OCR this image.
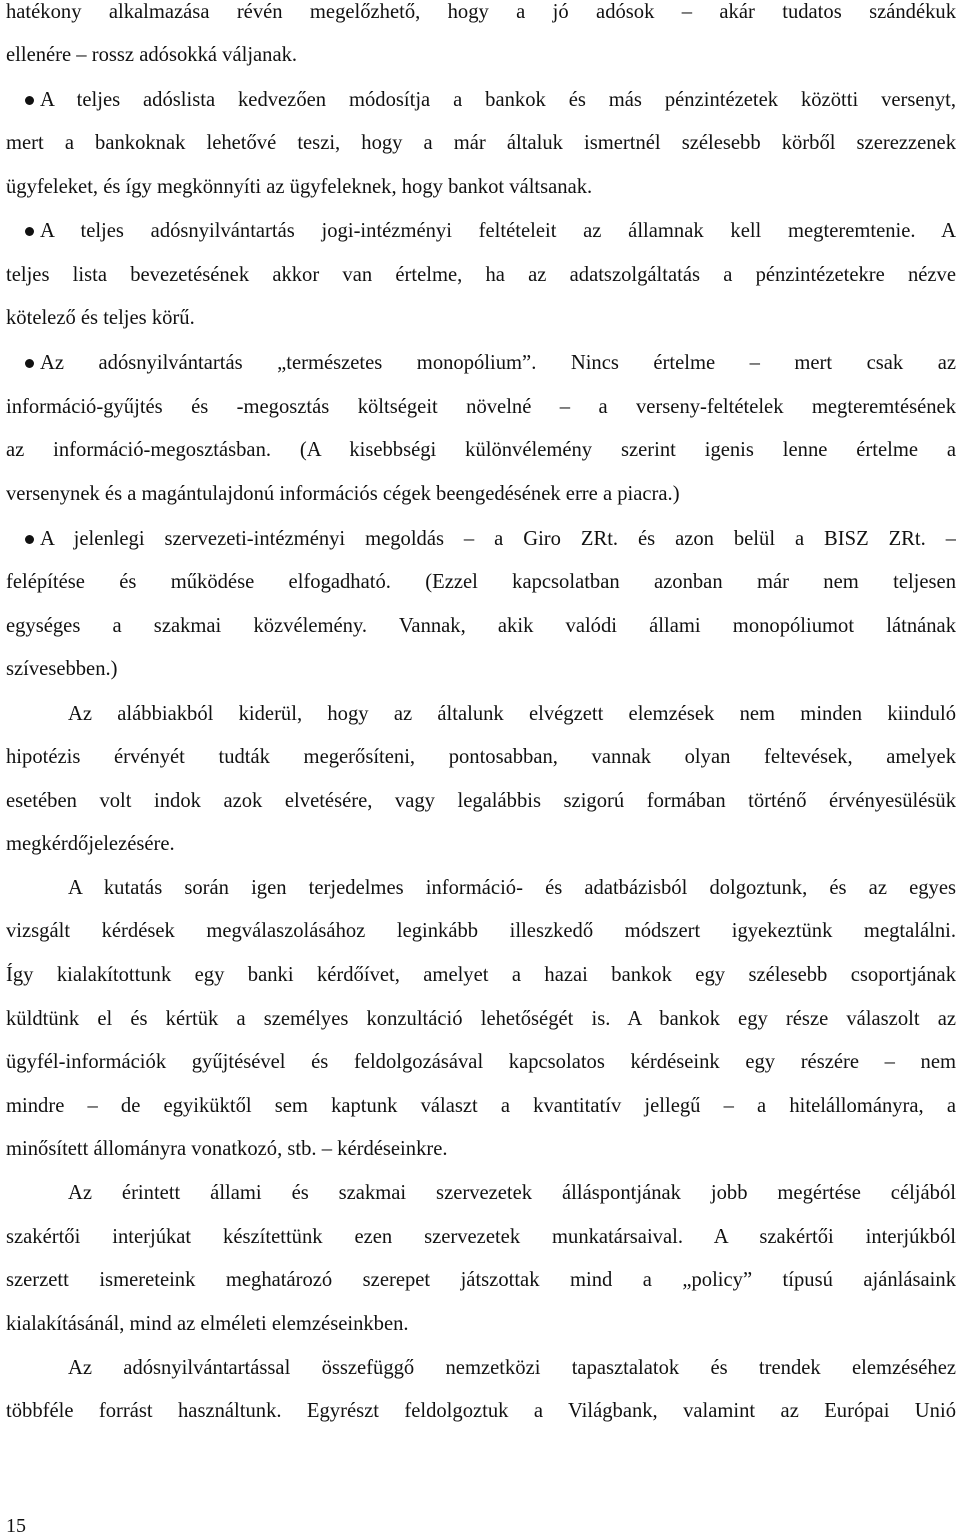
hatékony alkalmazása révén megelőzhető, hogy a jó adósok – akár tudatos szándékuk
ellenére – rossz adósokká váljanak.
A teljes adóslista kedvezően módosítja a bankok és más pénzintézetek közötti versenyt,
mert a bankoknak lehetővé teszi, hogy a már általuk ismertnél szélesebb körből szerezzenek
ügyfeleket, és így megkönnyíti az ügyfeleknek, hogy bankot váltsanak.
A teljes adósnyilvántartás jogi-intézményi feltételeit az államnak kell megteremtenie. A
teljes lista bevezetésének akkor van értelme, ha az adatszolgáltatás a pénzintézetekre nézve
kötelező és teljes körű.
Az adósnyilvántartás „természetes monopólium”. Nincs értelme – mert csak az
információ-gyűjtés és -megosztás költségeit növelné – a verseny-feltételek megteremtésének
az információ-megosztásban. (A kisebbségi különvélemény szerint igenis lenne értelme a
versenynek és a magántulajdonú információs cégek beengedésének erre a piacra.)
A jelenlegi szervezeti-intézményi megoldás – a Giro ZRt. és azon belül a BISZ ZRt. –
felépítése és működése elfogadható. (Ezzel kapcsolatban azonban már nem teljesen
egységes a szakmai közvélemény. Vannak, akik valódi állami monopóliumot látnának
szívesebben.)
Az alábbiakból kiderül, hogy az általunk elvégzett elemzések nem minden kiinduló
hipotézis érvényét tudták megerősíteni, pontosabban, vannak olyan feltevések, amelyek
esetében volt indok azok elvetésére, vagy legalábbis szigorú formában történő érvényesülésük
megkérdőjelezésére.
A kutatás során igen terjedelmes információ- és adatbázisból dolgoztunk, és az egyes
vizsgált kérdések megválaszolásához leginkább illeszkedő módszert igyekeztünk megtalálni.
Így kialakítottunk egy banki kérdőívet, amelyet a hazai bankok egy szélesebb csoportjának
küldtünk el és kértük a személyes konzultáció lehetőségét is. A bankok egy része válaszolt az
ügyfél-információk gyűjtésével és feldolgozásával kapcsolatos kérdéseink egy részére – nem
mindre – de egyiküktől sem kaptunk választ a kvantitatív jellegű – a hitelállományra, a
minősített állományra vonatkozó, stb. – kérdéseinkre.
Az érintett állami és szakmai szervezetek álláspontjának jobb megértése céljából
szakértői interjúkat készítettünk ezen szervezetek munkatársaival. A szakértői interjúkból
szerzett ismereteink meghatározó szerepet játszottak mind a „policy” típusú ajánlásaink
kialakításánál, mind az elméleti elemzéseinkben.
Az adósnyilvántartással összefüggő nemzetközi tapasztalatok és trendek elemzéséhez
többféle forrást használtunk. Egyrészt feldolgoztuk a Világbank, valamint az Európai Unió
15
